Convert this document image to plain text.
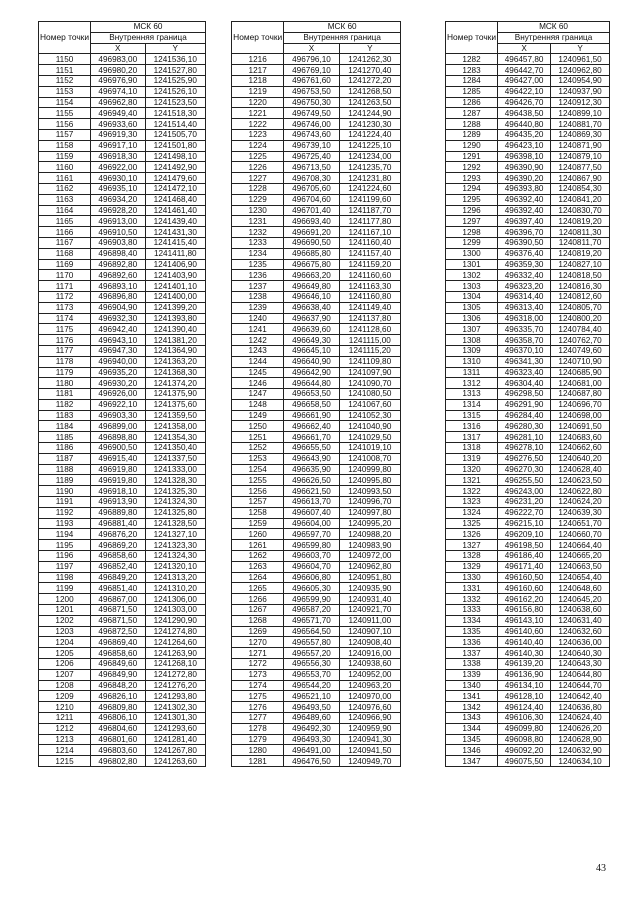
Номер точки	МСК 60	
	Внутренняя граница	
	X	Y
1150	496983,00	1241536,10
1151	496980,20	1241527,80
1152	496976,90	1241525,90
1153	496974,10	1241526,10
1154	496962,80	1241523,50
1155	496949,40	1241518,30
1156	496933,60	1241514,40
1157	496919,30	1241505,70
1158	496917,10	1241501,80
1159	496918,30	1241498,10
1160	496922,00	1241492,90
1161	496930,10	1241479,60
1162	496935,10	1241472,10
1163	496934,20	1241468,40
1164	496928,20	1241461,40
1165	496913,00	1241439,40
1166	496910,50	1241431,30
1167	496903,80	1241415,40
1168	496898,40	1241411,80
1169	496892,80	1241406,90
1170	496892,60	1241403,90
1171	496893,10	1241401,10
1172	496896,80	1241400,00
1173	496904,90	1241399,20
1174	496932,30	1241393,80
1175	496942,40	1241390,40
1176	496943,10	1241381,20
1177	496947,30	1241364,90
1178	496940,00	1241363,20
1179	496935,20	1241368,30
1180	496930,20	1241374,20
1181	496926,00	1241375,90
1182	496922,10	1241375,60
1183	496903,30	1241359,50
1184	496899,00	1241358,00
1185	496898,80	1241354,30
1186	496900,50	1241350,40
1187	496915,40	1241337,50
1188	496919,80	1241333,00
1189	496919,80	1241328,30
1190	496918,10	1241325,30
1191	496913,90	1241324,30
1192	496889,80	1241325,80
1193	496881,40	1241328,50
1194	496876,20	1241327,10
1195	496869,20	1241323,30
1196	496858,60	1241324,30
1197	496852,40	1241320,10
1198	496849,20	1241313,20
1199	496851,40	1241310,20
1200	496867,00	1241306,00
1201	496871,50	1241303,00
1202	496871,50	1241290,90
1203	496872,50	1241274,80
1204	496869,40	1241264,60
1205	496858,60	1241263,90
1206	496849,60	1241268,10
1207	496849,90	1241272,80
1208	496848,20	1241276,20
1209	496826,10	1241293,80
1210	496809,80	1241302,30
1211	496806,10	1241301,30
1212	496804,60	1241293,60
1213	496801,60	1241281,40
1214	496803,60	1241267,80
1215	496802,80	1241263,60
Номер точки	МСК 60	
	Внутренняя граница	
	X	Y
1216	496796,10	1241262,30
1217	496769,10	1241270,40
1218	496761,60	1241272,20
1219	496753,50	1241268,50
1220	496750,30	1241263,50
1221	496749,50	1241244,90
1222	496746,00	1241230,30
1223	496743,60	1241224,40
1224	496739,10	1241225,10
1225	496725,40	1241234,00
1226	496713,50	1241235,70
1227	496708,30	1241231,80
1228	496705,60	1241224,60
1229	496704,60	1241199,60
1230	496701,40	1241187,70
1231	496693,40	1241177,80
1232	496691,20	1241167,10
1233	496690,50	1241160,40
1234	496685,80	1241157,40
1235	496675,80	1241159,20
1236	496663,20	1241160,60
1237	496649,80	1241163,30
1238	496646,10	1241160,80
1239	496638,40	1241149,40
1240	496637,90	1241137,80
1241	496639,60	1241128,60
1242	496649,30	1241115,00
1243	496645,10	1241115,20
1244	496640,90	1241109,80
1245	496642,90	1241097,90
1246	496644,80	1241090,70
1247	496653,50	1241080,50
1248	496658,50	1241067,60
1249	496661,90	1241052,30
1250	496662,40	1241040,90
1251	496661,70	1241029,50
1252	496655,50	1241019,10
1253	496643,90	1241008,70
1254	496635,90	1240999,80
1255	496626,50	1240995,80
1256	496621,50	1240993,50
1257	496613,70	1240996,70
1258	496607,40	1240997,80
1259	496604,00	1240995,20
1260	496597,70	1240988,20
1261	496599,80	1240983,90
1262	496603,70	1240972,00
1263	496604,70	1240962,80
1264	496606,80	1240951,80
1265	496605,30	1240935,90
1266	496599,90	1240931,40
1267	496587,20	1240921,70
1268	496571,70	1240911,00
1269	496564,50	1240907,10
1270	496557,80	1240908,40
1271	496557,20	1240916,00
1272	496556,30	1240938,60
1273	496553,70	1240952,00
1274	496544,20	1240963,20
1275	496521,10	1240970,00
1276	496493,50	1240976,60
1277	496489,60	1240966,90
1278	496492,30	1240959,90
1279	496493,30	1240941,30
1280	496491,00	1240941,50
1281	496476,50	1240949,70
Номер точки	МСК 60	
	Внутренняя граница	
	X	Y
1282	496457,80	1240961,50
1283	496442,70	1240962,80
1284	496427,00	1240954,90
1285	496422,10	1240937,90
1286	496426,70	1240912,30
1287	496438,50	1240899,10
1288	496440,80	1240881,70
1289	496435,20	1240869,30
1290	496423,10	1240871,90
1291	496398,10	1240879,10
1292	496390,90	1240877,50
1293	496390,20	1240867,90
1294	496393,80	1240854,30
1295	496392,40	1240841,20
1296	496392,40	1240830,70
1297	496397,40	1240819,20
1298	496396,70	1240811,30
1299	496390,50	1240811,70
1300	496376,40	1240819,20
1301	496359,30	1240827,10
1302	496332,40	1240818,50
1303	496323,20	1240816,30
1304	496314,40	1240812,60
1305	496313,40	1240805,70
1306	496318,00	1240800,20
1307	496335,70	1240784,40
1308	496358,70	1240762,70
1309	496370,10	1240749,60
1310	496341,30	1240710,90
1311	496323,40	1240685,90
1312	496304,40	1240681,00
1313	496298,50	1240687,80
1314	496291,90	1240696,70
1315	496284,40	1240698,00
1316	496280,30	1240691,50
1317	496281,10	1240683,60
1318	496278,10	1240662,60
1319	496276,50	1240640,20
1320	496270,30	1240628,40
1321	496255,50	1240623,50
1322	496243,00	1240622,80
1323	496231,20	1240624,20
1324	496222,70	1240639,30
1325	496215,10	1240651,70
1326	496209,10	1240660,70
1327	496198,50	1240664,40
1328	496186,40	1240665,20
1329	496171,40	1240663,50
1330	496160,50	1240654,40
1331	496160,60	1240648,60
1332	496162,20	1240645,20
1333	496156,80	1240638,60
1334	496143,10	1240631,40
1335	496140,60	1240632,60
1336	496140,40	1240636,00
1337	496140,30	1240640,30
1338	496139,20	1240643,30
1339	496136,90	1240644,80
1340	496134,10	1240644,70
1341	496128,10	1240642,40
1342	496124,40	1240636,80
1343	496106,30	1240624,40
1344	496099,80	1240626,20
1345	496098,80	1240628,90
1346	496092,20	1240632,90
1347	496075,50	1240634,10
43
